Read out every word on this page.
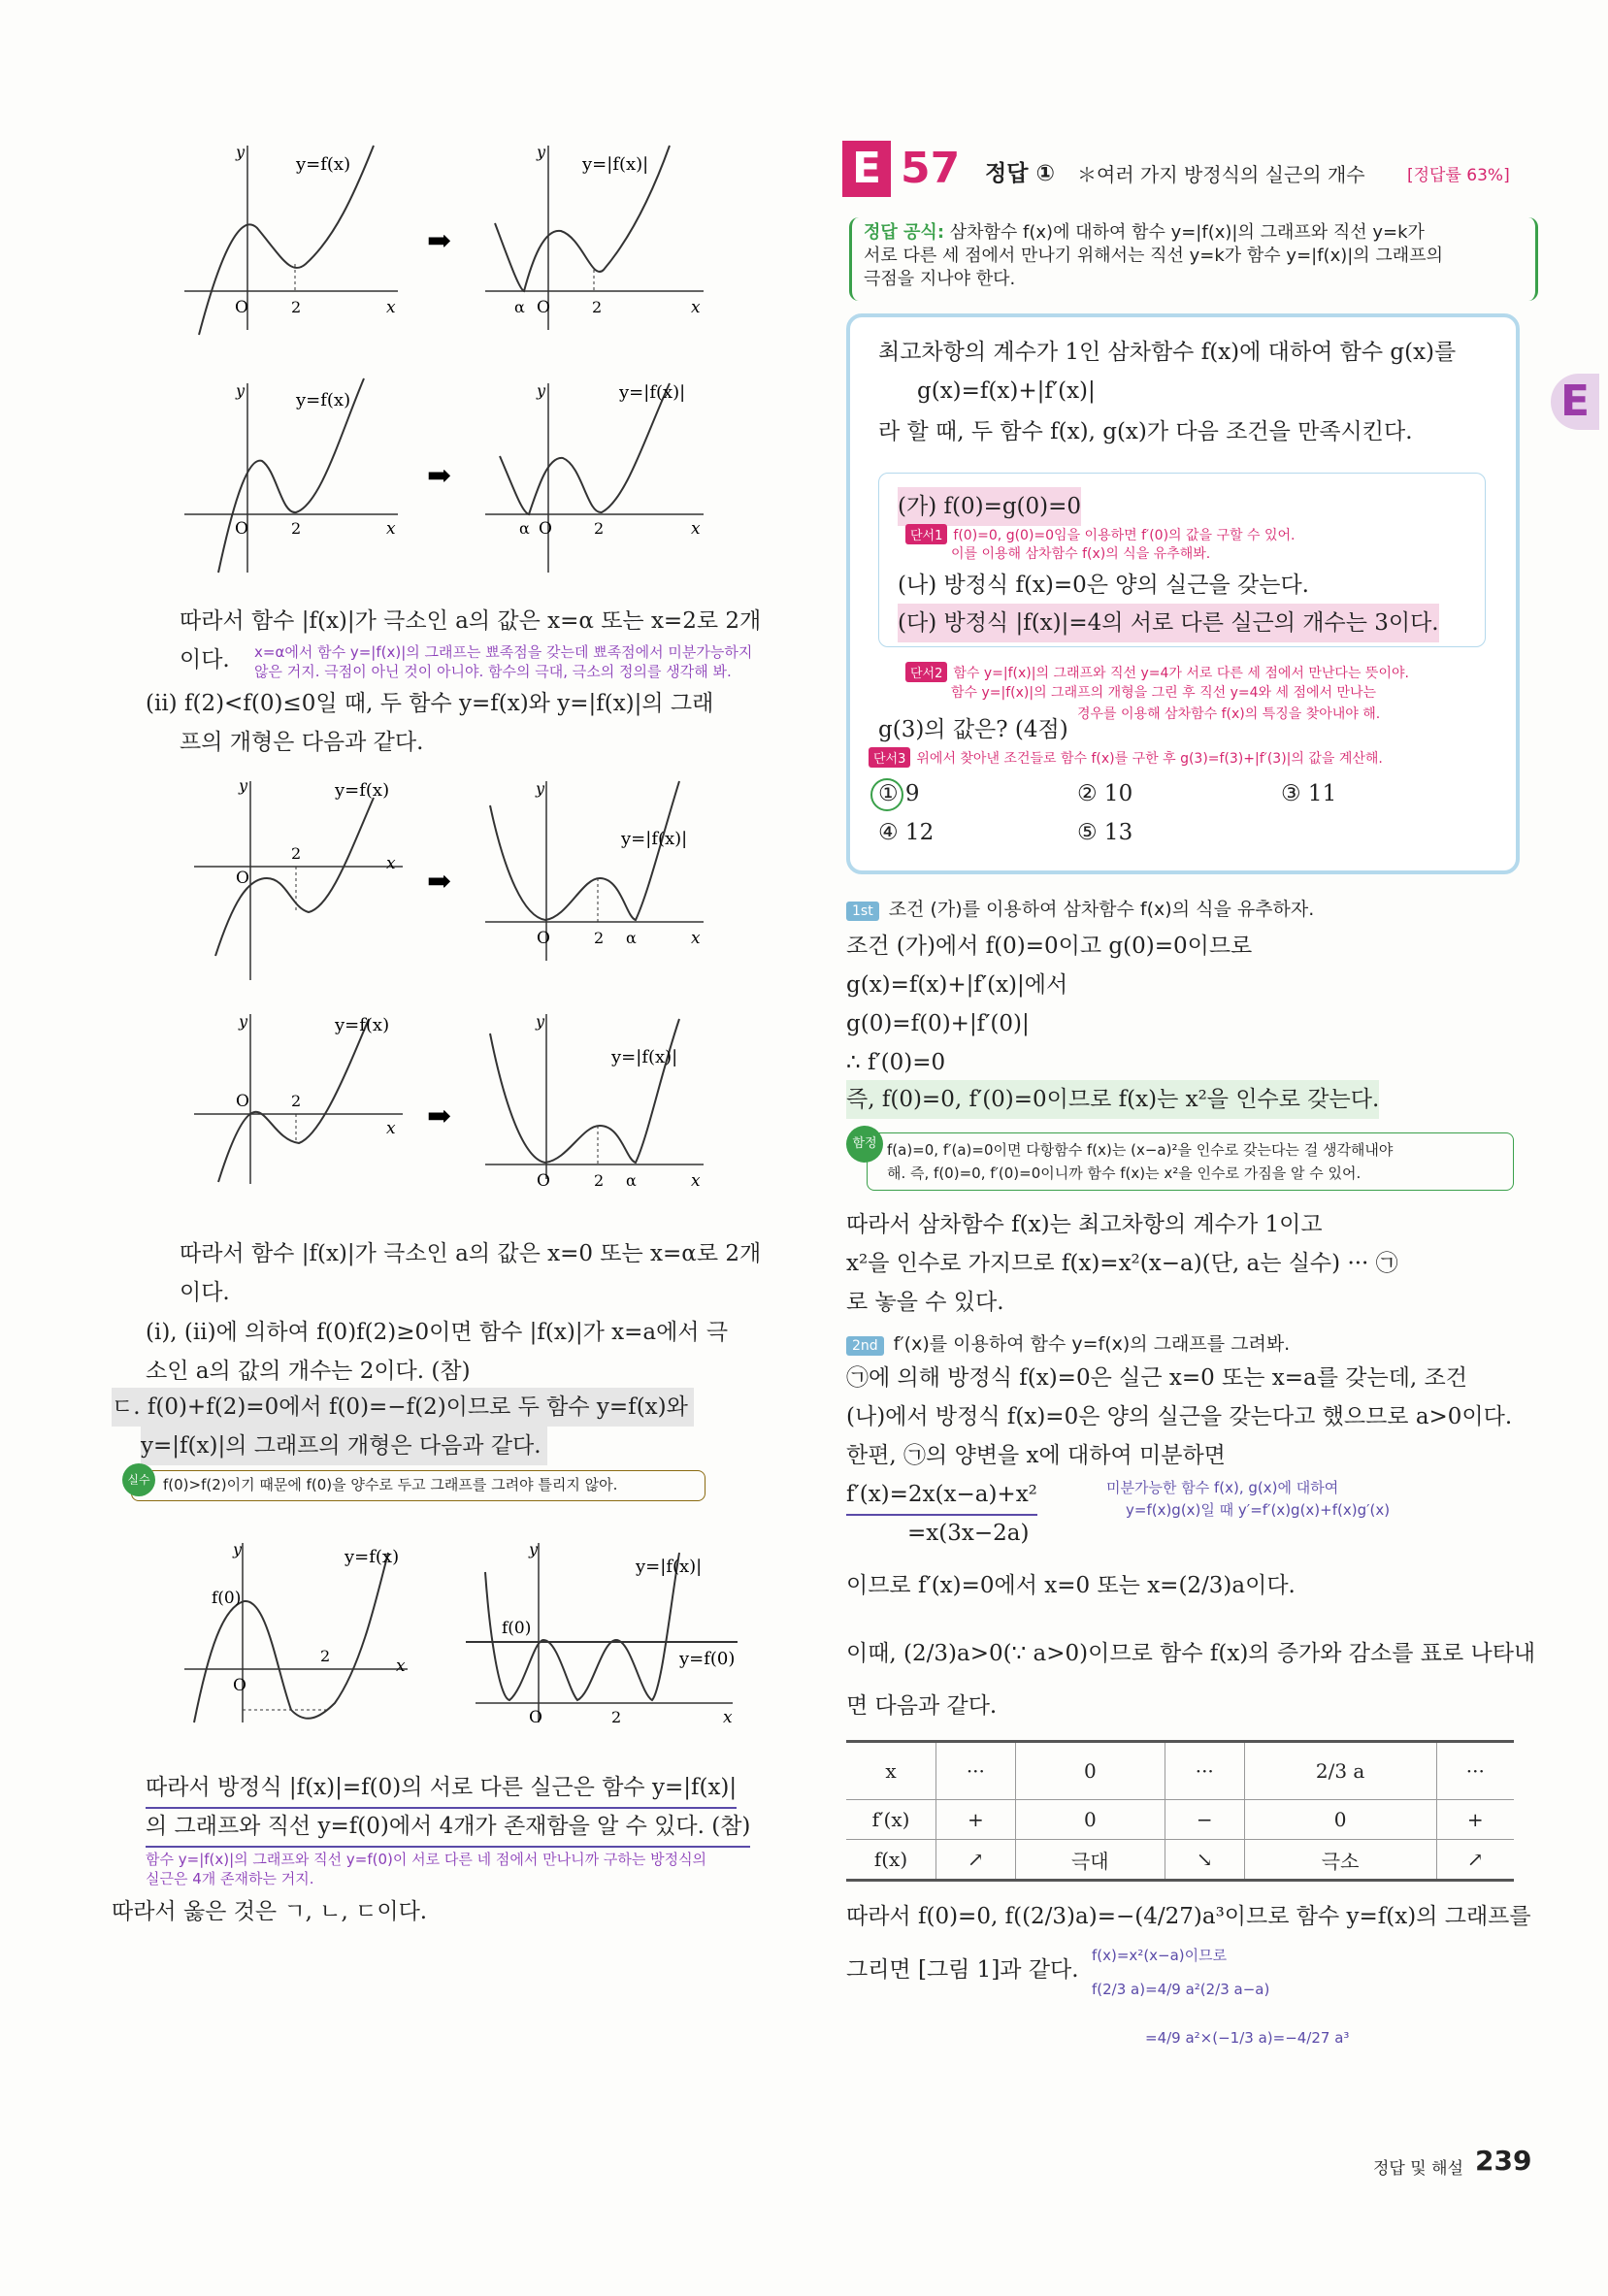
O	2	x
y
y=f(x)
➡
α O	2	x
y
y=|f(x)|
O	2	x
y	y=f(x)
➡
α O	2	x
y	y=|f(x)|
O
2
x
y	y=f(x)
➡
O	2 α	x
y
y=|f(x)|
O	2
x
y	y=f(x)
➡
O	2 α	x
y
y=|f(x)|
f(0)
O
2
x
y	y=f(x)
f(0)
O	2	x
y
y=|f(x)|
y=f(0)
따라서 함수 |f(x)|가 극소인 a의 값은 x=α 또는 x=2로 2개
이다. x=α에서 함수 y=|f(x)|의 그래프는 뾰족점을 갖는데 뾰족점에서 미분가능하지
않은 거지. 극점이 아닌 것이 아니야. 함수의 극대, 극소의 정의를 생각해 봐.
(ii) f(2)<f(0)≤0일 때, 두 함수 y=f(x)와 y=|f(x)|의 그래
프의 개형은 다음과 같다.
따라서 함수 |f(x)|가 극소인 a의 값은 x=0 또는 x=α로 2개
이다.
(i), (ii)에 의하여 f(0)f(2)≥0이면 함수 |f(x)|가 x=a에서 극
소인 a의 값의 개수는 2이다. (참)
ㄷ. f(0)+f(2)=0에서 f(0)=−f(2)이므로 두 함수 y=f(x)와
y=|f(x)|의 그래프의 개형은 다음과 같다.
실수 f(0)>f(2)이기 때문에 f(0)을 양수로 두고 그래프를 그려야 틀리지 않아.
따라서 방정식 |f(x)|=f(0)의 서로 다른 실근은 함수 y=|f(x)|
의 그래프와 직선 y=f(0)에서 4개가 존재함을 알 수 있다. (참)
함수 y=|f(x)|의 그래프와 직선 y=f(0)이 서로 다른 네 점에서 만나니까 구하는 방정식의
실근은 4개 존재하는 거지.
따라서 옳은 것은 ㄱ, ㄴ, ㄷ이다.
E 57 정답 ① ＊여러 가지 방정식의 실근의 개수	[정답률 63%]
E
정답 공식: 삼차함수 f(x)에 대하여 함수 y=|f(x)|의 그래프와 직선 y=k가
서로 다른 세 점에서 만나기 위해서는 직선 y=k가 함수 y=|f(x)|의 그래프의
극점을 지나야 한다.
최고차항의 계수가 1인 삼차함수 f(x)에 대하여 함수 g(x)를
g(x)=f(x)+|f′(x)|
라 할 때, 두 함수 f(x), g(x)가 다음 조건을 만족시킨다.
(가) f(0)=g(0)=0
단서1 f(0)=0, g(0)=0임을 이용하면 f′(0)의 값을 구할 수 있어.
이를 이용해 삼차함수 f(x)의 식을 유추해봐.
(나) 방정식 f(x)=0은 양의 실근을 갖는다.
(다) 방정식 |f(x)|=4의 서로 다른 실근의 개수는 3이다.
단서2 함수 y=|f(x)|의 그래프와 직선 y=4가 서로 다른 세 점에서 만난다는 뜻이야.
함수 y=|f(x)|의 그래프의 개형을 그린 후 직선 y=4와 세 점에서 만나는
경우를 이용해 삼차함수 f(x)의 특징을 찾아내야 해.
g(3)의 값은? (4점)
단서3 위에서 찾아낸 조건들로 함수 f(x)를 구한 후 g(3)=f(3)+|f′(3)|의 값을 계산해.
① 9	② 10	③ 11
④ 12	⑤ 13
1st 조건 (가)를 이용하여 삼차함수 f(x)의 식을 유추하자.
조건 (가)에서 f(0)=0이고 g(0)=0이므로
g(x)=f(x)+|f′(x)|에서
g(0)=f(0)+|f′(0)|
∴ f′(0)=0
즉, f(0)=0, f′(0)=0이므로 f(x)는 x²을 인수로 갖는다.
함정 f(a)=0, f′(a)=0이면 다항함수 f(x)는 (x−a)²을 인수로 갖는다는 걸 생각해내야
해. 즉, f(0)=0, f′(0)=0이니까 함수 f(x)는 x²을 인수로 가짐을 알 수 있어.
따라서 삼차함수 f(x)는 최고차항의 계수가 1이고
x²을 인수로 가지므로 f(x)=x²(x−a)(단, a는 실수) ··· ㉠
로 놓을 수 있다.
2nd f′(x)를 이용하여 함수 y=f(x)의 그래프를 그려봐.
㉠에 의해 방정식 f(x)=0은 실근 x=0 또는 x=a를 갖는데, 조건
(나)에서 방정식 f(x)=0은 양의 실근을 갖는다고 했으므로 a>0이다.
한편, ㉠의 양변을 x에 대하여 미분하면
f′(x)=2x(x−a)+x²	미분가능한 함수 f(x), g(x)에 대하여
y=f(x)g(x)일 때 y′=f′(x)g(x)+f(x)g′(x)
=x(3x−2a)
이므로 f′(x)=0에서 x=0 또는 x=(2/3)a이다.
이때, (2/3)a>0(∵ a>0)이므로 함수 f(x)의 증가와 감소를 표로 나타내
면 다음과 같다.
x	···	0	···	2/3 a	···
f′(x)	+	0	−	0	+
f(x)	↗	극대	↘	극소	↗
따라서 f(0)=0, f((2/3)a)=−(4/27)a³이므로 함수 y=f(x)의 그래프를
그리면 [그림 1]과 같다.
f(x)=x²(x−a)이므로
f(2/3 a)=4/9 a²(2/3 a−a)
=4/9 a²×(−1/3 a)=−4/27 a³
정답 및 해설 239
